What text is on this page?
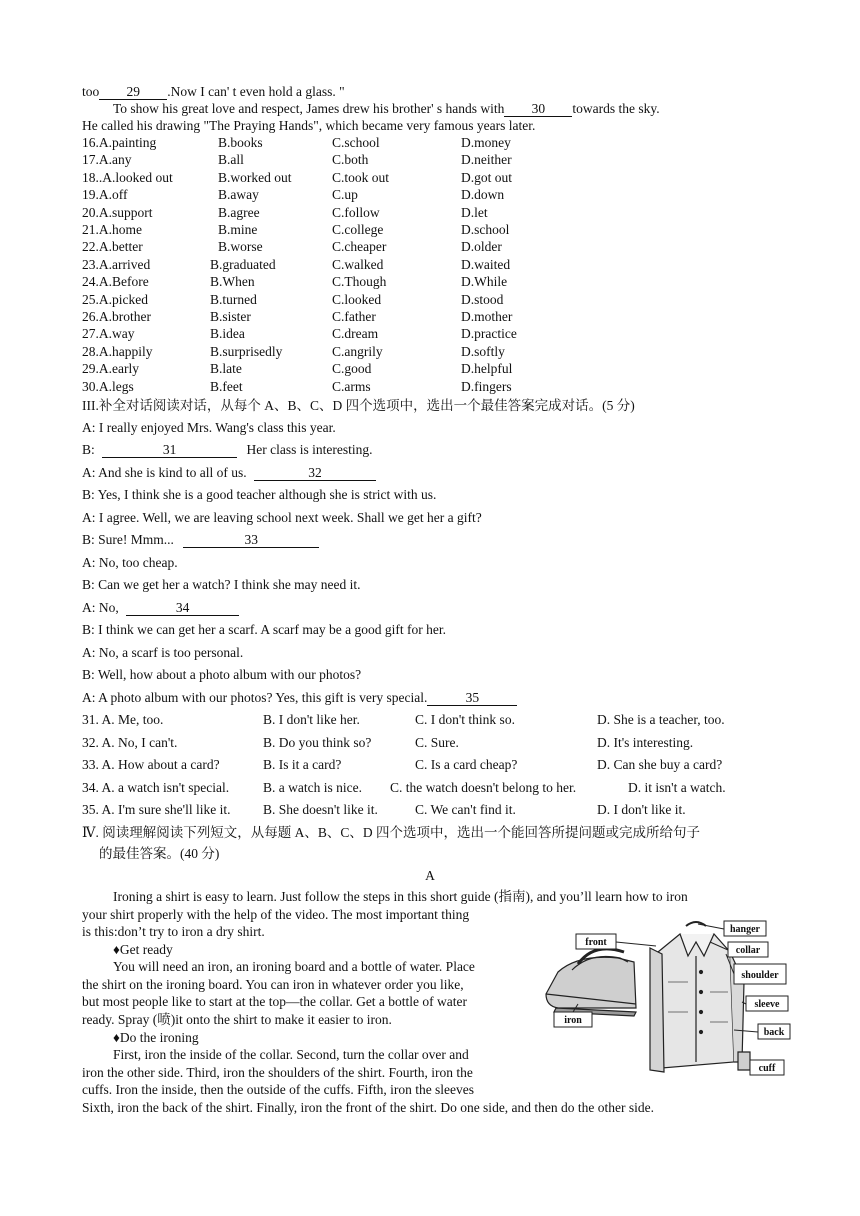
too 29 .Now I can' t even hold a glass. "
To show his great love and respect, James drew his brother' s hands with 30 towards the sky.
He called his drawing "The Praying Hands", which became very famous years later.
16.A.painting	B.books	C.school	D.money
17.A.any	B.all	C.both	D.neither
18..A.looked out	B.worked out	C.took out	D.got out
19.A.off	B.away	C.up	D.down
20.A.support	B.agree	C.follow	D.let
21.A.home	B.mine	C.college	D.school
22.A.better	B.worse	C.cheaper	D.older
23.A.arrived	B.graduated	C.walked	D.waited
24.A.Before	B.When	C.Though	D.While
25.A.picked	B.turned	C.looked	D.stood
26.A.brother	B.sister	C.father	D.mother
27.A.way	B.idea	C.dream	D.practice
28.A.happily	B.surprisedly	C.angrily	D.softly
29.A.early	B.late	C.good	D.helpful
30.A.legs	B.feet	C.arms	D.fingers
III.补全对话阅读对话，从每个 A、B、C、D 四个选项中，选出一个最佳答案完成对话。(5 分)
A: I really enjoyed Mrs. Wang's class this year.
B:	31	Her class is interesting.
A: And she is kind to all of us.	32
B: Yes, I think she is a good teacher although she is strict with us.
A: I agree. Well, we are leaving school next week. Shall we get her a gift?
B: Sure! Mmm...	33
A: No, too cheap.
B: Can we get her a watch? I think she may need it.
A: No,	34
B: I think we can get her a scarf. A scarf may be a good gift for her.
A: No, a scarf is too personal.
B: Well, how about a photo album with our photos?
A: A photo album with our photos? Yes, this gift is very special.	35
31. A. Me, too.	B. I don't like her.	C. I don't think so.	D. She is a teacher, too.
32. A. No, I can't.	B. Do you think so?	C. Sure.	D. It's interesting.
33. A. How about a card?	B. Is it a card?	C. Is a card cheap?	D. Can she buy a card?
34. A. a watch isn't special.	B. a watch is nice. C. the watch doesn't belong to her.	D. it isn't a watch.
35. A. I'm sure she'll like it. B. She doesn't like it.	C. We can't find it.	D. I don't like it.
Ⅳ. 阅读理解阅读下列短文，从每题 A、B、C、D 四个选项中，选出一个能回答所提问题或完成所给句子
的最佳答案。(40 分)
A
Ironing a shirt is easy to learn. Just follow the steps in this short guide (指南), and you’ll learn how to iron
your shirt properly with the help of the video. The most important thing
is this:don’t try to iron a dry shirt.
♦Get ready
You will need an iron, an ironing board and a bottle of water. Place
the shirt on the ironing board. You can iron in whatever order you like,
but most people like to start at the top—the collar. Get a bottle of water
ready. Spray (喷)it onto the shirt to make it easier to iron.
♦Do the ironing
First, iron the inside of the collar. Second, turn the collar over and
iron the other side. Third, iron the shoulders of the shirt. Fourth, iron the
cuffs. Iron the inside, then the outside of the cuffs. Fifth, iron the sleeves
Sixth, iron the back of the shirt. Finally, iron the front of the shirt. Do one side, and then do the other side.
front
iron
hanger
collar
shoulder
sleeve
back
cuff
